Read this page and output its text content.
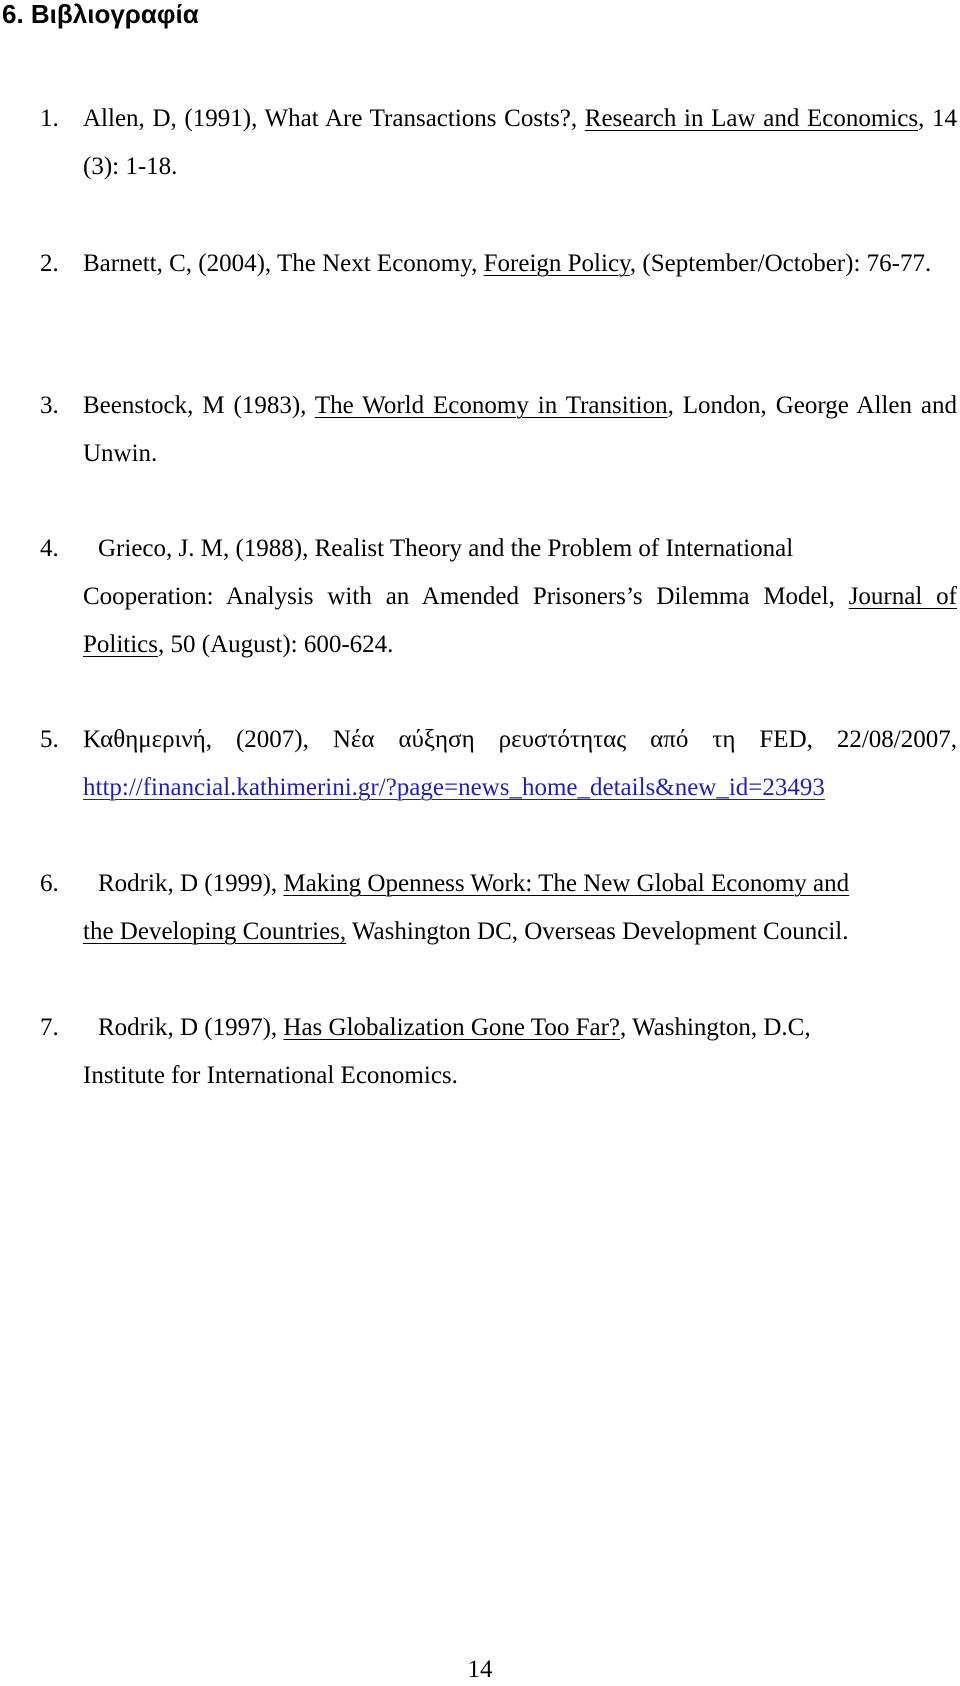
6. Βιβλιογραφία
1. Allen, D, (1991), What Are Transactions Costs?, Research in Law and Economics, 14 (3): 1-18.
2. Barnett, C, (2004), The Next Economy, Foreign Policy, (September/October): 76-77.
3. Beenstock, M (1983), The World Economy in Transition, London, George Allen and Unwin.
4. Grieco, J. M, (1988), Realist Theory and the Problem of International
Cooperation: Analysis with an Amended Prisoners’s Dilemma Model, Journal of Politics, 50 (August): 600-624.
5. Καθημερινή, (2007), Νέα αύξηση ρευστότητας από τη FED, 22/08/2007, http://financial.kathimerini.gr/?page=news_home_details&new_id=23493
6. Rodrik, D (1999), Making Openness Work: The New Global Economy and
the Developing Countries, Washington DC, Overseas Development Council.
7. Rodrik, D (1997), Has Globalization Gone Too Far?, Washington, D.C,
Institute for International Economics.
14
